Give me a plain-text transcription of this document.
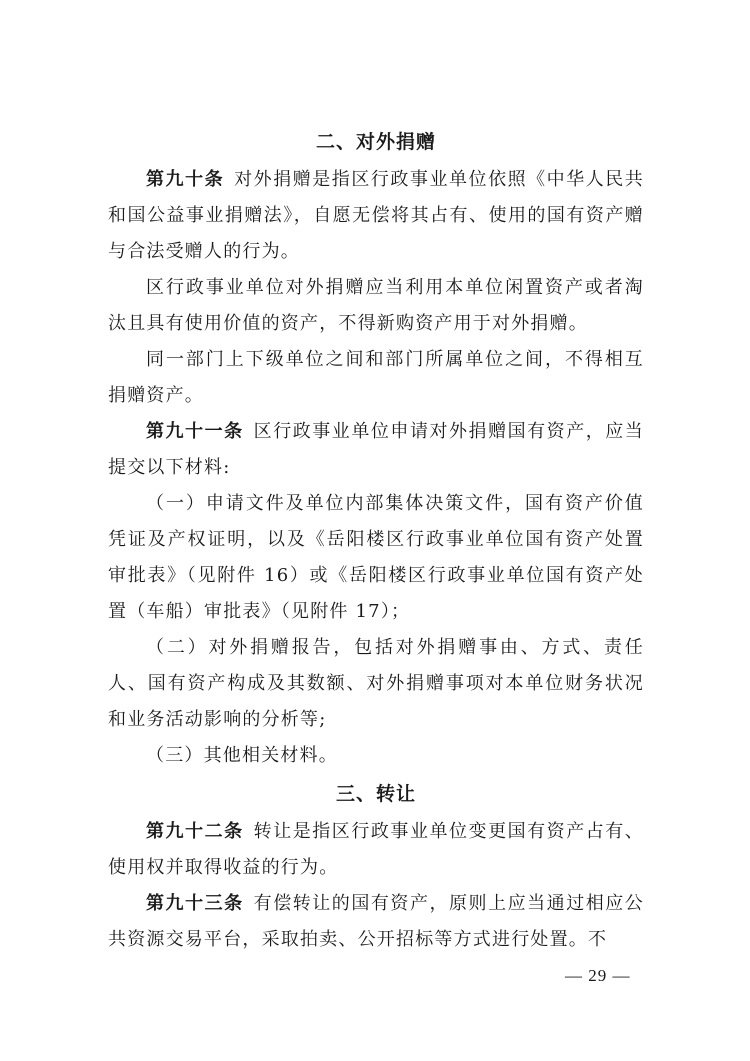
二、对外捐赠

第九十条 对外捐赠是指区行政事业单位依照《中华人民共和国公益事业捐赠法》，自愿无偿将其占有、使用的国有资产赠与合法受赠人的行为。

区行政事业单位对外捐赠应当利用本单位闲置资产或者淘汰且具有使用价值的资产，不得新购资产用于对外捐赠。

同一部门上下级单位之间和部门所属单位之间，不得相互捐赠资产。

第九十一条 区行政事业单位申请对外捐赠国有资产，应当提交以下材料:

（一）申请文件及单位内部集体决策文件，国有资产价值凭证及产权证明，以及《岳阳楼区行政事业单位国有资产处置审批表》（见附件 16）或《岳阳楼区行政事业单位国有资产处置（车船）审批表》（见附件 17）；

（二）对外捐赠报告，包括对外捐赠事由、方式、责任人、国有资产构成及其数额、对外捐赠事项对本单位财务状况和业务活动影响的分析等;

（三）其他相关材料。

三、转让

第九十二条 转让是指区行政事业单位变更国有资产占有、使用权并取得收益的行为。

第九十三条 有偿转让的国有资产，原则上应当通过相应公共资源交易平台，采取拍卖、公开招标等方式进行处置。不

— 29 —
